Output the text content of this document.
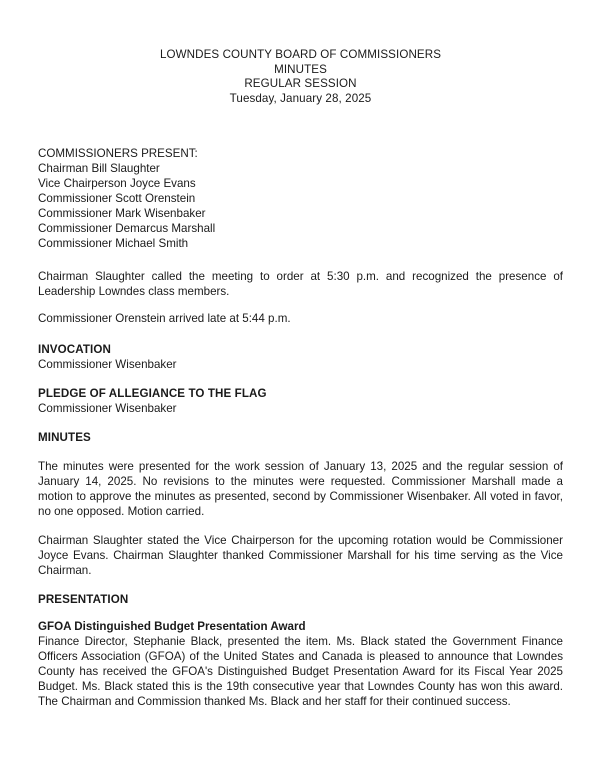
LOWNDES COUNTY BOARD OF COMMISSIONERS
MINUTES
REGULAR SESSION
Tuesday, January 28, 2025
COMMISSIONERS PRESENT:
Chairman Bill Slaughter
Vice Chairperson Joyce Evans
Commissioner Scott Orenstein
Commissioner Mark Wisenbaker
Commissioner Demarcus Marshall
Commissioner Michael Smith

Chairman Slaughter called the meeting to order at 5:30 p.m. and recognized the presence of Leadership Lowndes class members.

Commissioner Orenstein arrived late at 5:44 p.m.

INVOCATION

Commissioner Wisenbaker

PLEDGE OF ALLEGIANCE TO THE FLAG

Commissioner Wisenbaker

MINUTES

The minutes were presented for the work session of January 13, 2025 and the regular session of January 14, 2025. No revisions to the minutes were requested. Commissioner Marshall made a motion to approve the minutes as presented, second by Commissioner Wisenbaker. All voted in favor, no one opposed. Motion carried.

Chairman Slaughter stated the Vice Chairperson for the upcoming rotation would be Commissioner Joyce Evans. Chairman Slaughter thanked Commissioner Marshall for his time serving as the Vice Chairman.

PRESENTATION

GFOA Distinguished Budget Presentation Award

Finance Director, Stephanie Black, presented the item. Ms. Black stated the Government Finance Officers Association (GFOA) of the United States and Canada is pleased to announce that Lowndes County has received the GFOA's Distinguished Budget Presentation Award for its Fiscal Year 2025 Budget. Ms. Black stated this is the 19th consecutive year that Lowndes County has won this award. The Chairman and Commission thanked Ms. Black and her staff for their continued success.
